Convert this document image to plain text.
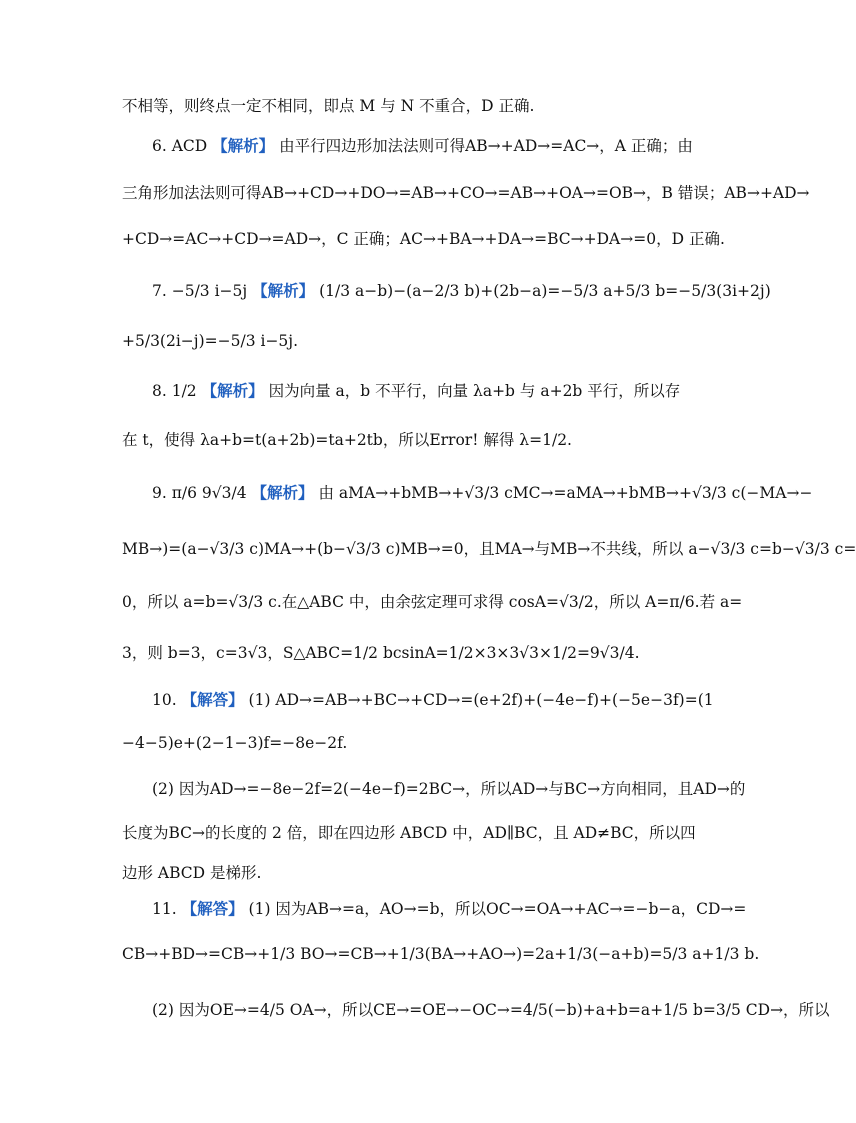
不相等，则终点一定不相同，即点 M 与 N 不重合，D 正确.
6. ACD 【解析】 由平行四边形加法法则可得AB→+AD→=AC→，A 正确；由
三角形加法法则可得AB→+CD→+DO→=AB→+CO→=AB→+OA→=OB→，B 错误；AB→+AD→
+CD→=AC→+CD→=AD→，C 正确；AC→+BA→+DA→=BC→+DA→=0，D 正确.
7. −5/3 i−5j 【解析】 (1/3 a−b)−(a−2/3 b)+(2b−a)=−5/3 a+5/3 b=−5/3(3i+2j)
+5/3(2i−j)=−5/3 i−5j.
8. 1/2 【解析】 因为向量 a，b 不平行，向量 λa+b 与 a+2b 平行，所以存
在 t，使得 λa+b=t(a+2b)=ta+2tb，所以Error! 解得 λ=1/2.
9. π/6 9√3/4 【解析】 由 aMA→+bMB→+√3/3 cMC→=aMA→+bMB→+√3/3 c(−MA→−
MB→)=(a−√3/3 c)MA→+(b−√3/3 c)MB→=0，且MA→与MB→不共线，所以 a−√3/3 c=b−√3/3 c=
0，所以 a=b=√3/3 c.在△ABC 中，由余弦定理可求得 cosA=√3/2，所以 A=π/6.若 a=
3，则 b=3，c=3√3，S△ABC=1/2 bcsinA=1/2×3×3√3×1/2=9√3/4.
10. 【解答】 (1) AD→=AB→+BC→+CD→=(e+2f)+(−4e−f)+(−5e−3f)=(1
−4−5)e+(2−1−3)f=−8e−2f.
(2) 因为AD→=−8e−2f=2(−4e−f)=2BC→，所以AD→与BC→方向相同，且AD→的
长度为BC→的长度的 2 倍，即在四边形 ABCD 中，AD∥BC，且 AD≠BC，所以四
边形 ABCD 是梯形.
11. 【解答】 (1) 因为AB→=a，AO→=b，所以OC→=OA→+AC→=−b−a，CD→=
CB→+BD→=CB→+1/3 BO→=CB→+1/3(BA→+AO→)=2a+1/3(−a+b)=5/3 a+1/3 b.
(2) 因为OE→=4/5 OA→，所以CE→=OE→−OC→=4/5(−b)+a+b=a+1/5 b=3/5 CD→，所以
